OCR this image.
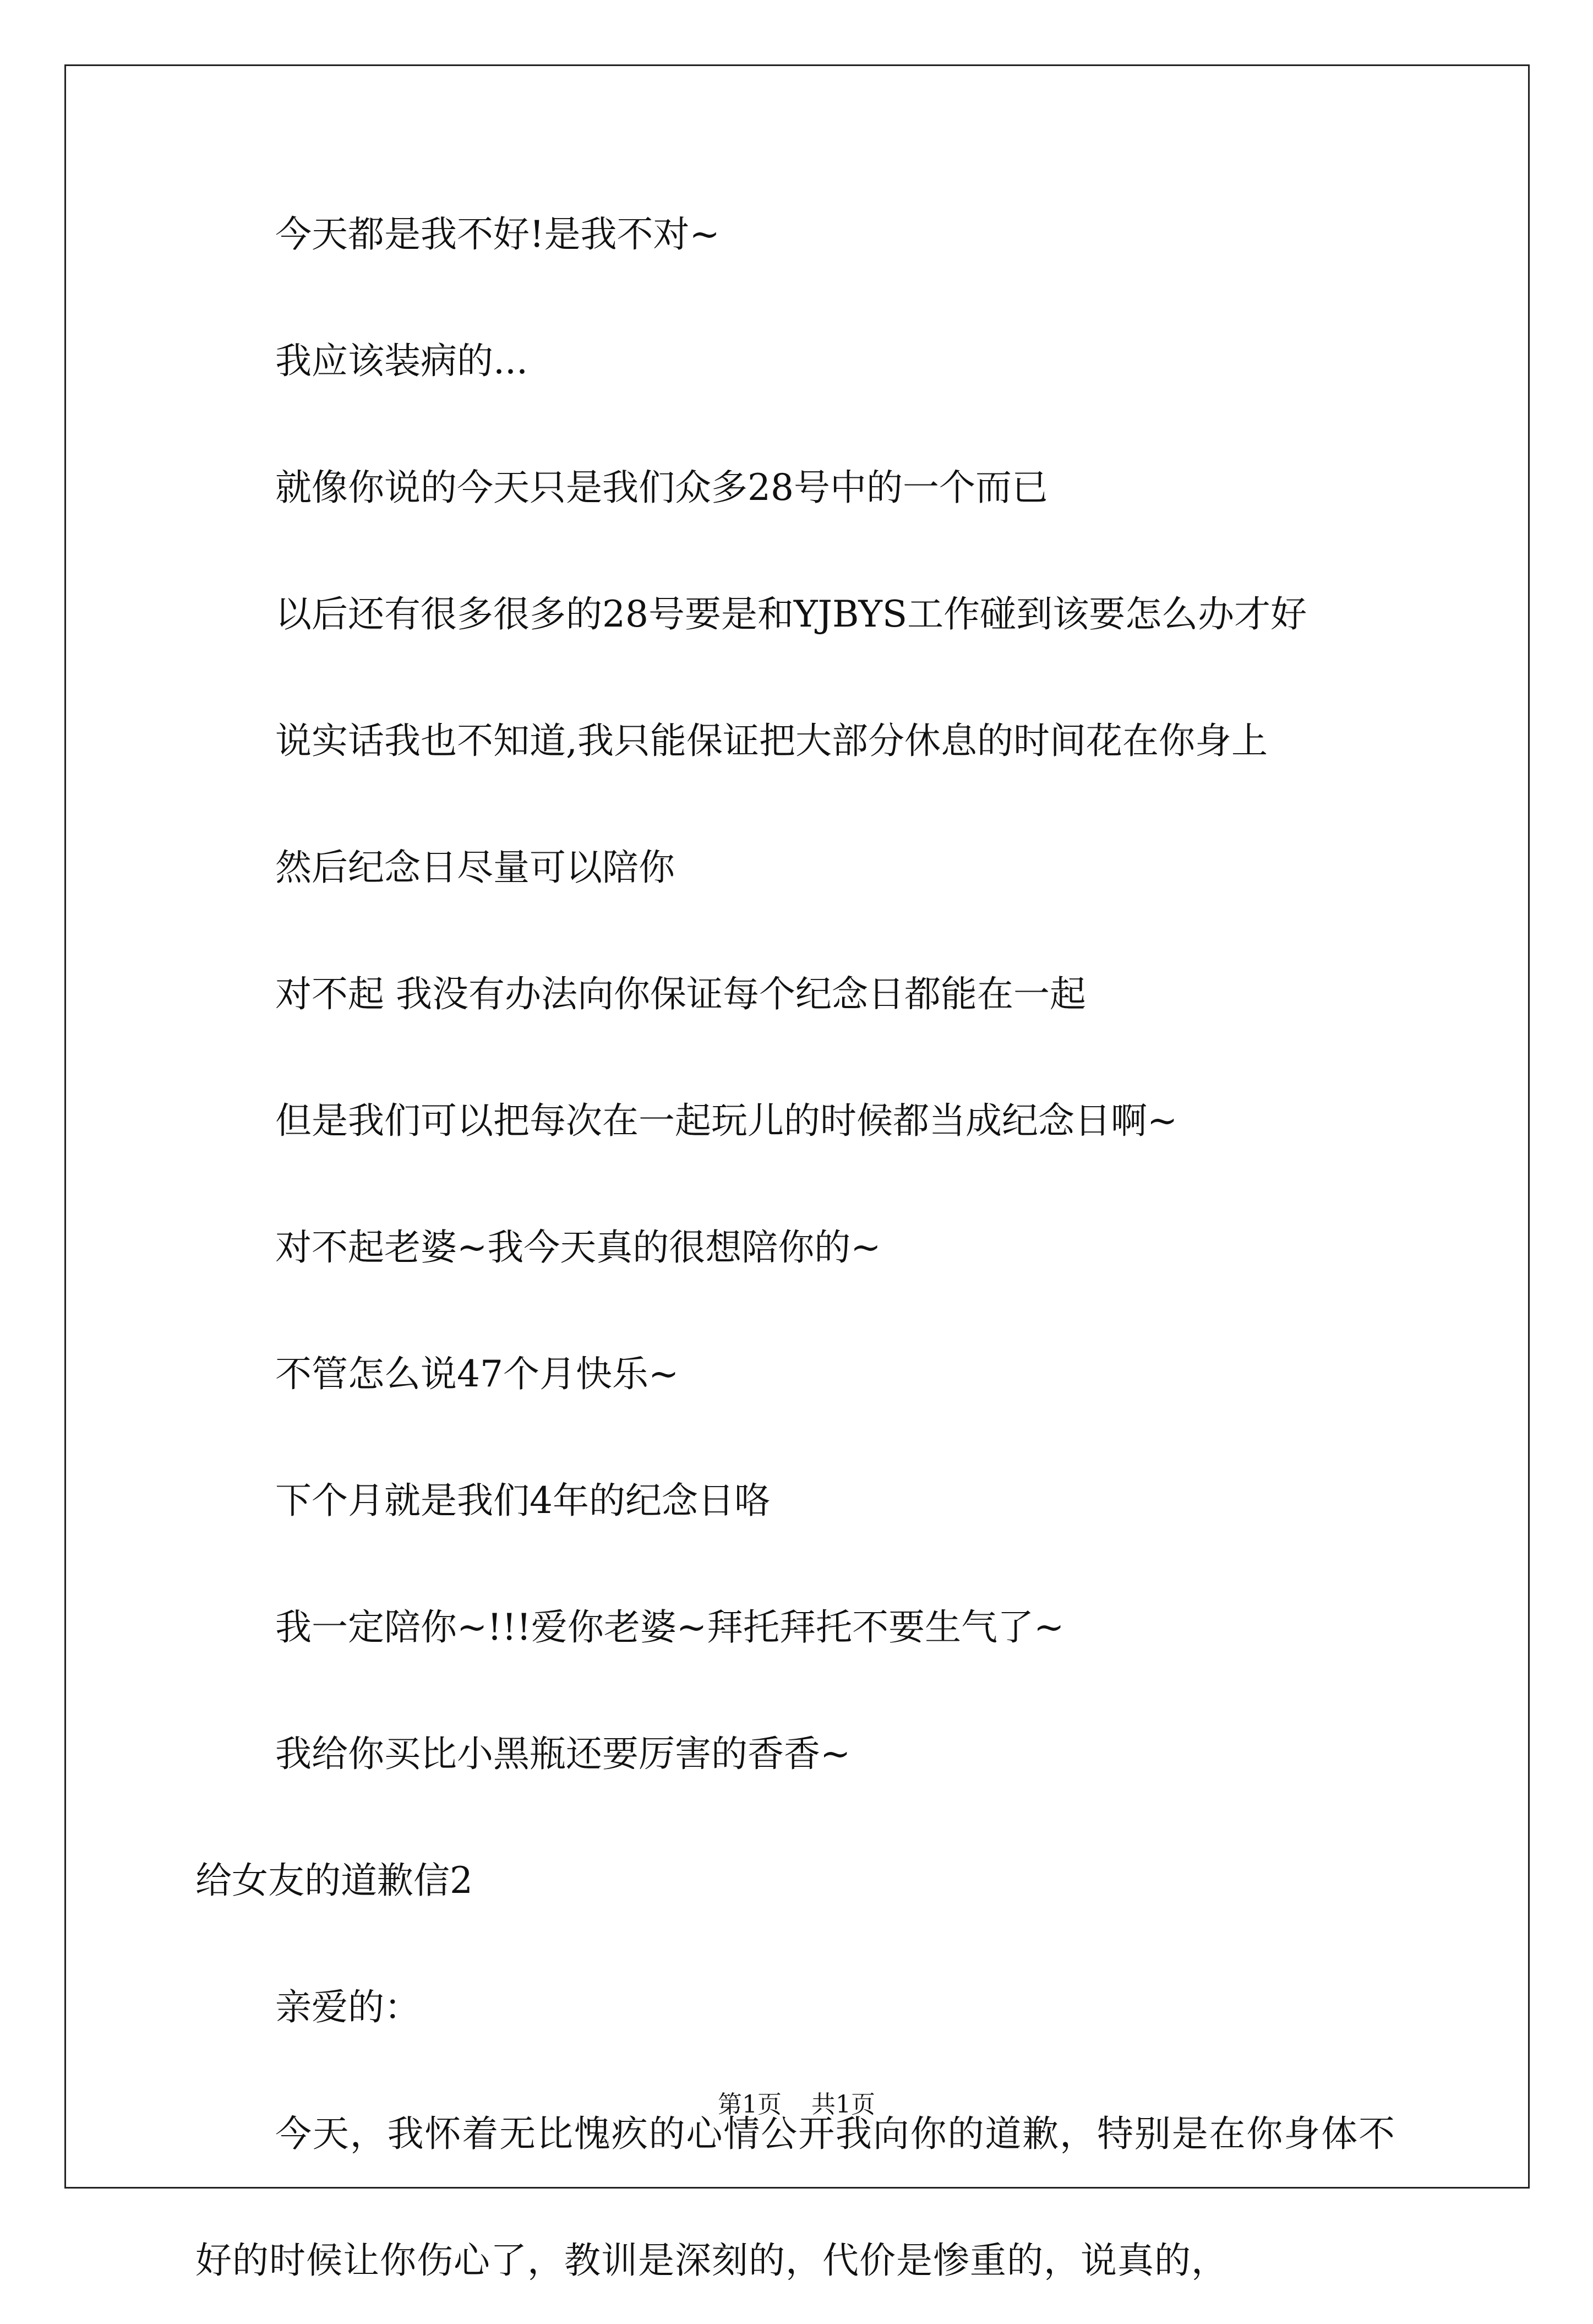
今天都是我不好!是我不对~

我应该装病的...

就像你说的今天只是我们众多28号中的一个而已

以后还有很多很多的28号要是和YJBYS工作碰到该要怎么办才好

说实话我也不知道,我只能保证把大部分休息的时间花在你身上

然后纪念日尽量可以陪你

对不起 我没有办法向你保证每个纪念日都能在一起

但是我们可以把每次在一起玩儿的时候都当成纪念日啊~

对不起老婆~我今天真的很想陪你的~

不管怎么说47个月快乐~

下个月就是我们4年的纪念日咯

我一定陪你~!!!爱你老婆~拜托拜托不要生气了~

我给你买比小黑瓶还要厉害的香香~

给女友的道歉信2

亲爱的：

今天，我怀着无比愧疚的心情公开我向你的道歉，特别是在你身体不好的时候让你伤心了，教训是深刻的，代价是惨重的，说真的，

第1页 共1页
